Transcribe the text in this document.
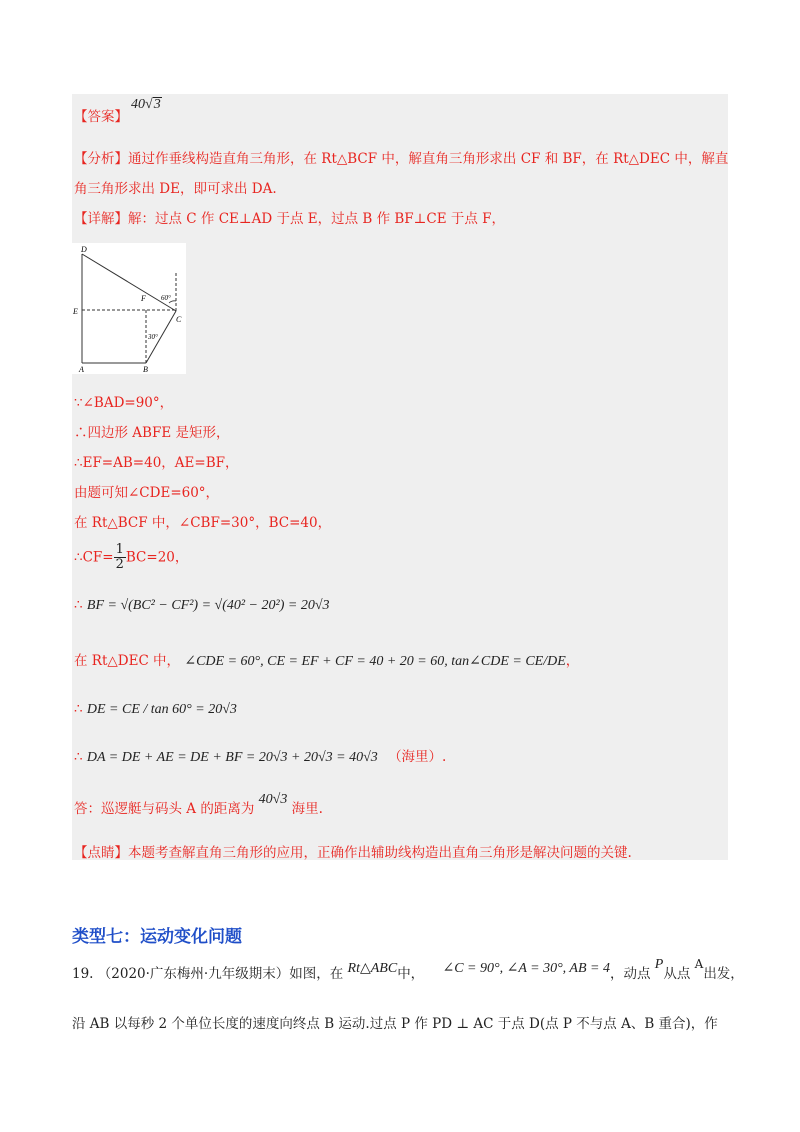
【答案】
40√3
【分析】通过作垂线构造直角三角形，在 Rt△BCF 中，解直角三角形求出 CF 和 BF，在 Rt△DEC 中，解直
角三角形求出 DE，即可求出 DA.
【详解】解：过点 C 作 CE⊥AD 于点 E，过点 B 作 BF⊥CE 于点 F，
D
E
A	B
C
F 60°
30°
∵∠BAD=90°，
∴四边形 ABFE 是矩形，
∴EF=AB=40，AE=BF，
由题可知∠CDE=60°，
在 Rt△BCF 中，∠CBF=30°，BC=40，
∴CF= $\frac{1}{2} BC=20$，
∴ BF = √(BC² − CF²) = √(40² − 20²) = 20√3
在 Rt△DEC 中， ∠CDE = 60°, CE = EF + CF = 40 + 20 = 60, tan∠CDE = CE/DE，
∴ DE = CE / tan 60° = 20√3
∴ DA = DE + AE = DE + BF = 20√3 + 20√3 = 40√3 （海里）.
答：巡逻艇与码头 A 的距离为 40√3 海里.
【点睛】本题考查解直角三角形的应用，正确作出辅助线构造出直角三角形是解决问题的关键.
类型七：运动变化问题
19. （2020·广东梅州·九年级期末）如图，在 Rt△ABC中， ∠C = 90°, ∠A = 30°, AB = 4，动点 P从点 A出发，
沿 AB 以每秒 2 个单位长度的速度向终点 B 运动.过点 P 作 PD ⊥ AC 于点 D(点 P 不与点 A、B 重合)，作
